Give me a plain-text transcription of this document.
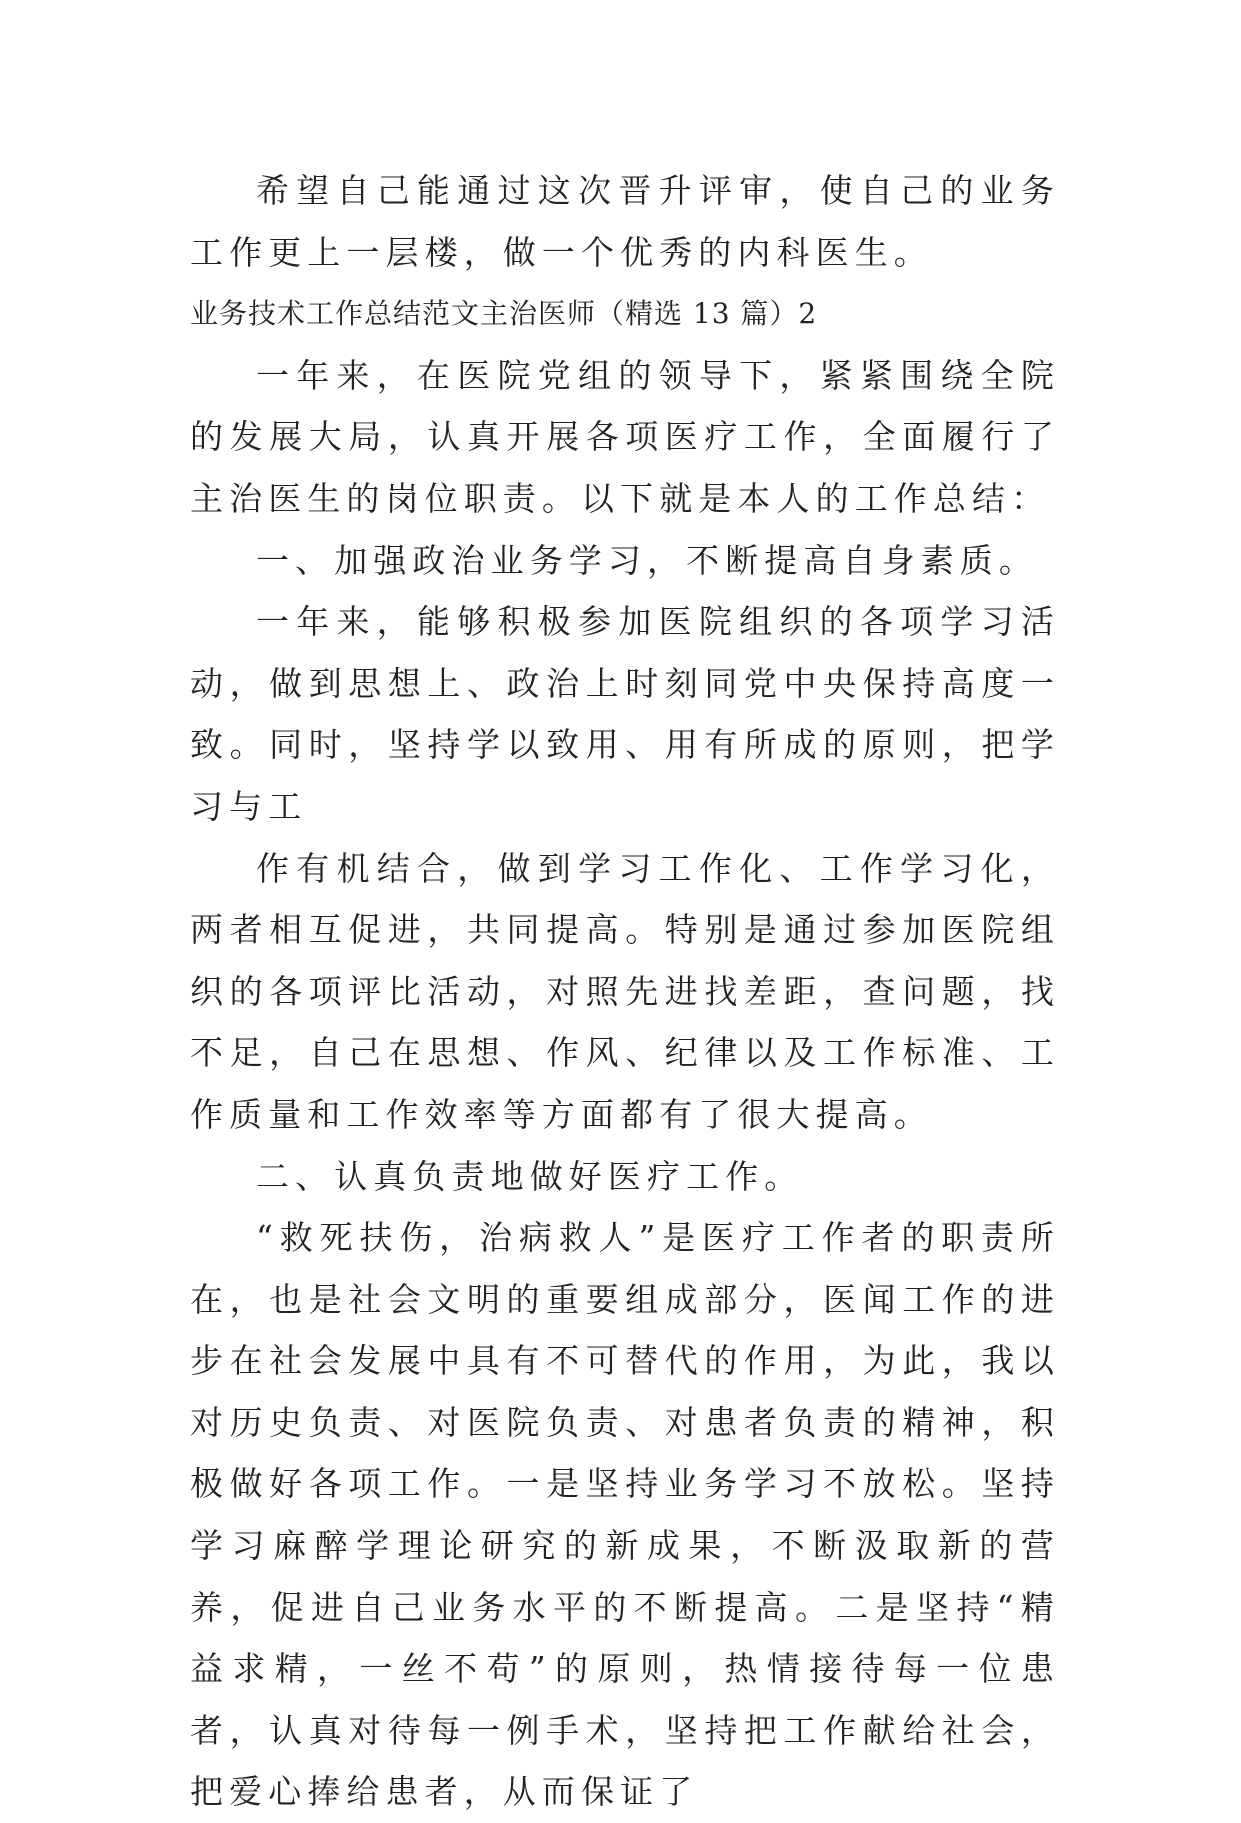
希望自己能通过这次晋升评审，使自己的业务工作更上一层楼，做一个优秀的内科医生。

业务技术工作总结范文主治医师（精选 13 篇）2

一年来，在医院党组的领导下，紧紧围绕全院的发展大局，认真开展各项医疗工作，全面履行了主治医生的岗位职责。以下就是本人的工作总结：

一、加强政治业务学习，不断提高自身素质。

一年来，能够积极参加医院组织的各项学习活动，做到思想上、政治上时刻同党中央保持高度一致。同时，坚持学以致用、用有所成的原则，把学习与工

作有机结合，做到学习工作化、工作学习化，两者相互促进，共同提高。特别是通过参加医院组织的各项评比活动，对照先进找差距，查问题，找不足，自己在思想、作风、纪律以及工作标准、工作质量和工作效率等方面都有了很大提高。

二、认真负责地做好医疗工作。

“救死扶伤，治病救人”是医疗工作者的职责所在，也是社会文明的重要组成部分，医闻工作的进步在社会发展中具有不可替代的作用，为此，我以对历史负责、对医院负责、对患者负责的精神，积极做好各项工作。一是坚持业务学习不放松。坚持学习麻醉学理论研究的新成果，不断汲取新的营养，促进自己业务水平的不断提高。二是坚持“精益求精，一丝不苟”的原则，热情接待每一位患者，认真对待每一例手术，坚持把工作献给社会，把爱心捧给患者，从而保证了
